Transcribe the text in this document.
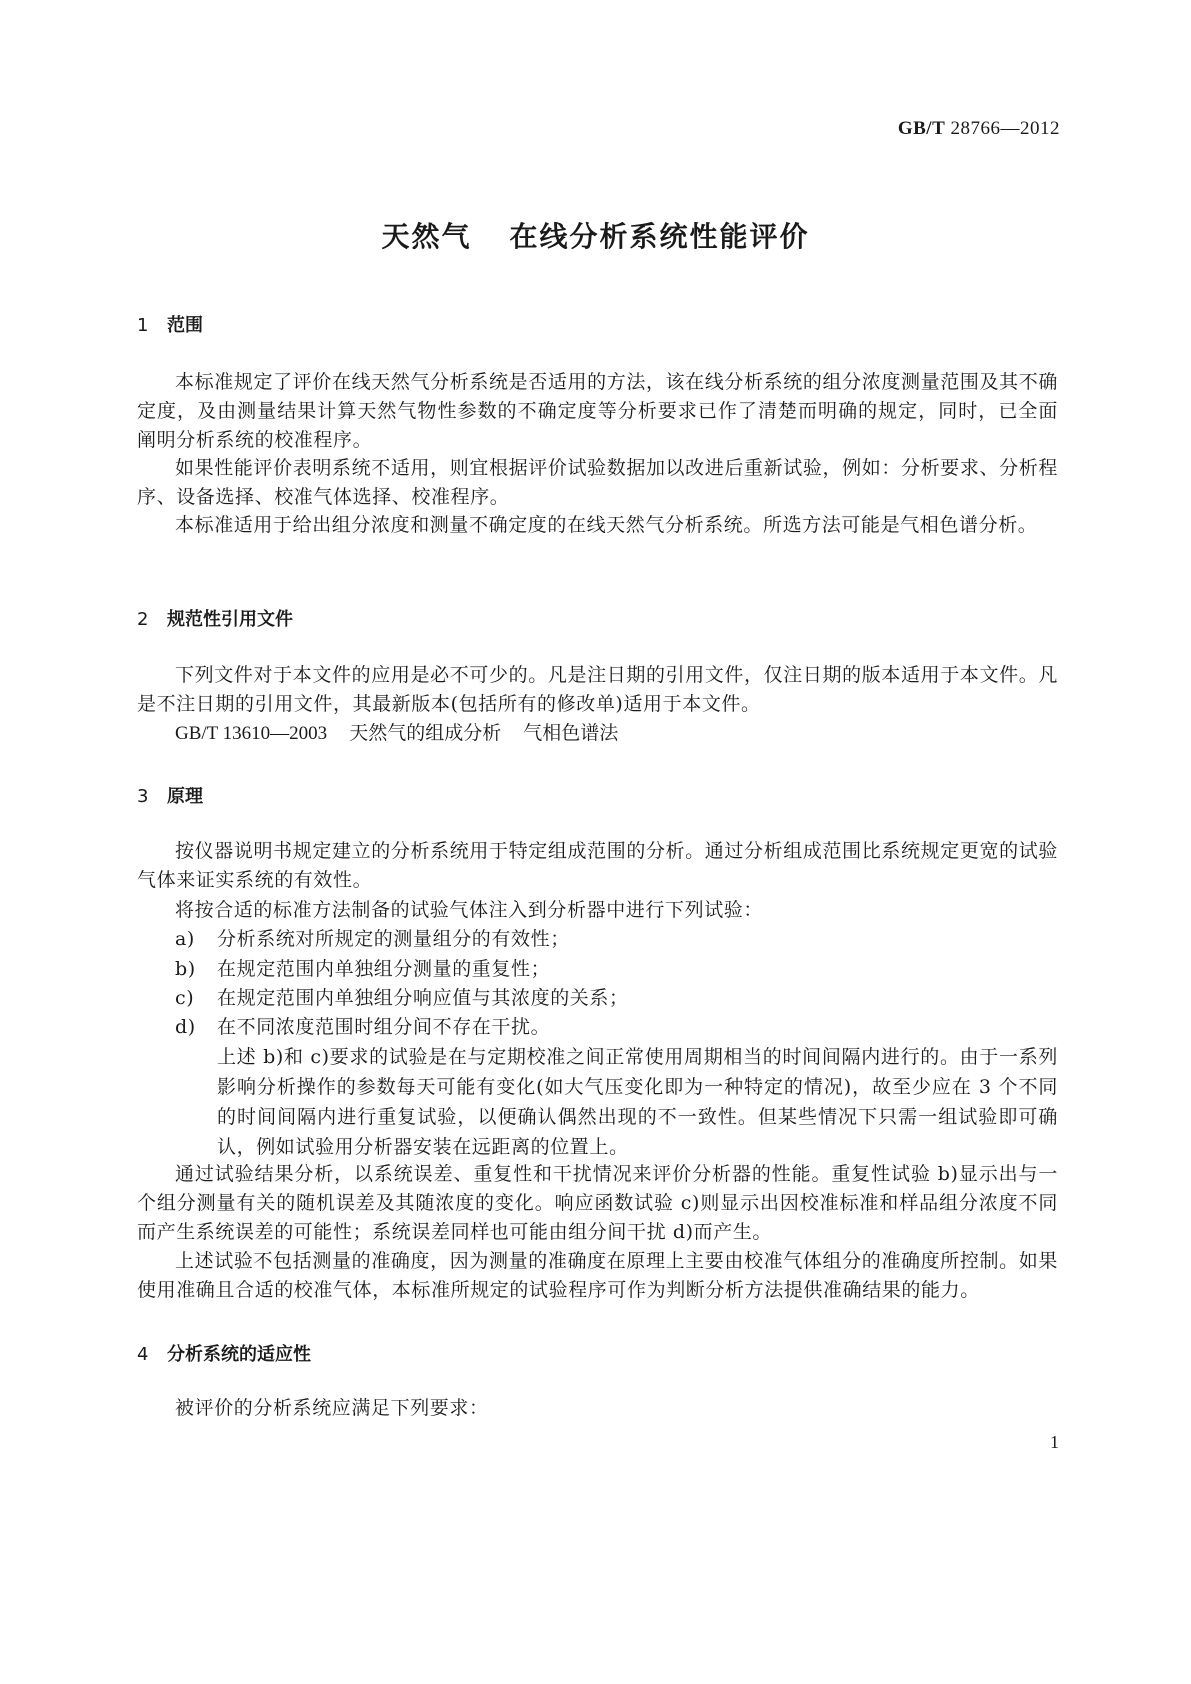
GB/T 28766—2012
天然气 在线分析系统性能评价
1 范围

本标准规定了评价在线天然气分析系统是否适用的方法，该在线分析系统的组分浓度测量范围及其不确定度，及由测量结果计算天然气物性参数的不确定度等分析要求已作了清楚而明确的规定，同时，已全面阐明分析系统的校准程序。

如果性能评价表明系统不适用，则宜根据评价试验数据加以改进后重新试验，例如：分析要求、分析程序、设备选择、校准气体选择、校准程序。

本标准适用于给出组分浓度和测量不确定度的在线天然气分析系统。所选方法可能是气相色谱分析。

2 规范性引用文件

下列文件对于本文件的应用是必不可少的。凡是注日期的引用文件，仅注日期的版本适用于本文件。凡是不注日期的引用文件，其最新版本(包括所有的修改单)适用于本文件。

GB/T 13610—2003 天然气的组成分析 气相色谱法

3 原理

按仪器说明书规定建立的分析系统用于特定组成范围的分析。通过分析组成范围比系统规定更宽的试验气体来证实系统的有效性。

将按合适的标准方法制备的试验气体注入到分析器中进行下列试验：

a) 分析系统对所规定的测量组分的有效性；

b) 在规定范围内单独组分测量的重复性；

c) 在规定范围内单独组分响应值与其浓度的关系；

d) 在不同浓度范围时组分间不存在干扰。

上述 b)和 c)要求的试验是在与定期校准之间正常使用周期相当的时间间隔内进行的。由于一系列影响分析操作的参数每天可能有变化(如大气压变化即为一种特定的情况)，故至少应在 3 个不同的时间间隔内进行重复试验，以便确认偶然出现的不一致性。但某些情况下只需一组试验即可确认，例如试验用分析器安装在远距离的位置上。

通过试验结果分析，以系统误差、重复性和干扰情况来评价分析器的性能。重复性试验 b)显示出与一个组分测量有关的随机误差及其随浓度的变化。响应函数试验 c)则显示出因校准标准和样品组分浓度不同而产生系统误差的可能性；系统误差同样也可能由组分间干扰 d)而产生。

上述试验不包括测量的准确度，因为测量的准确度在原理上主要由校准气体组分的准确度所控制。如果使用准确且合适的校准气体，本标准所规定的试验程序可作为判断分析方法提供准确结果的能力。

4 分析系统的适应性

被评价的分析系统应满足下列要求：

1
